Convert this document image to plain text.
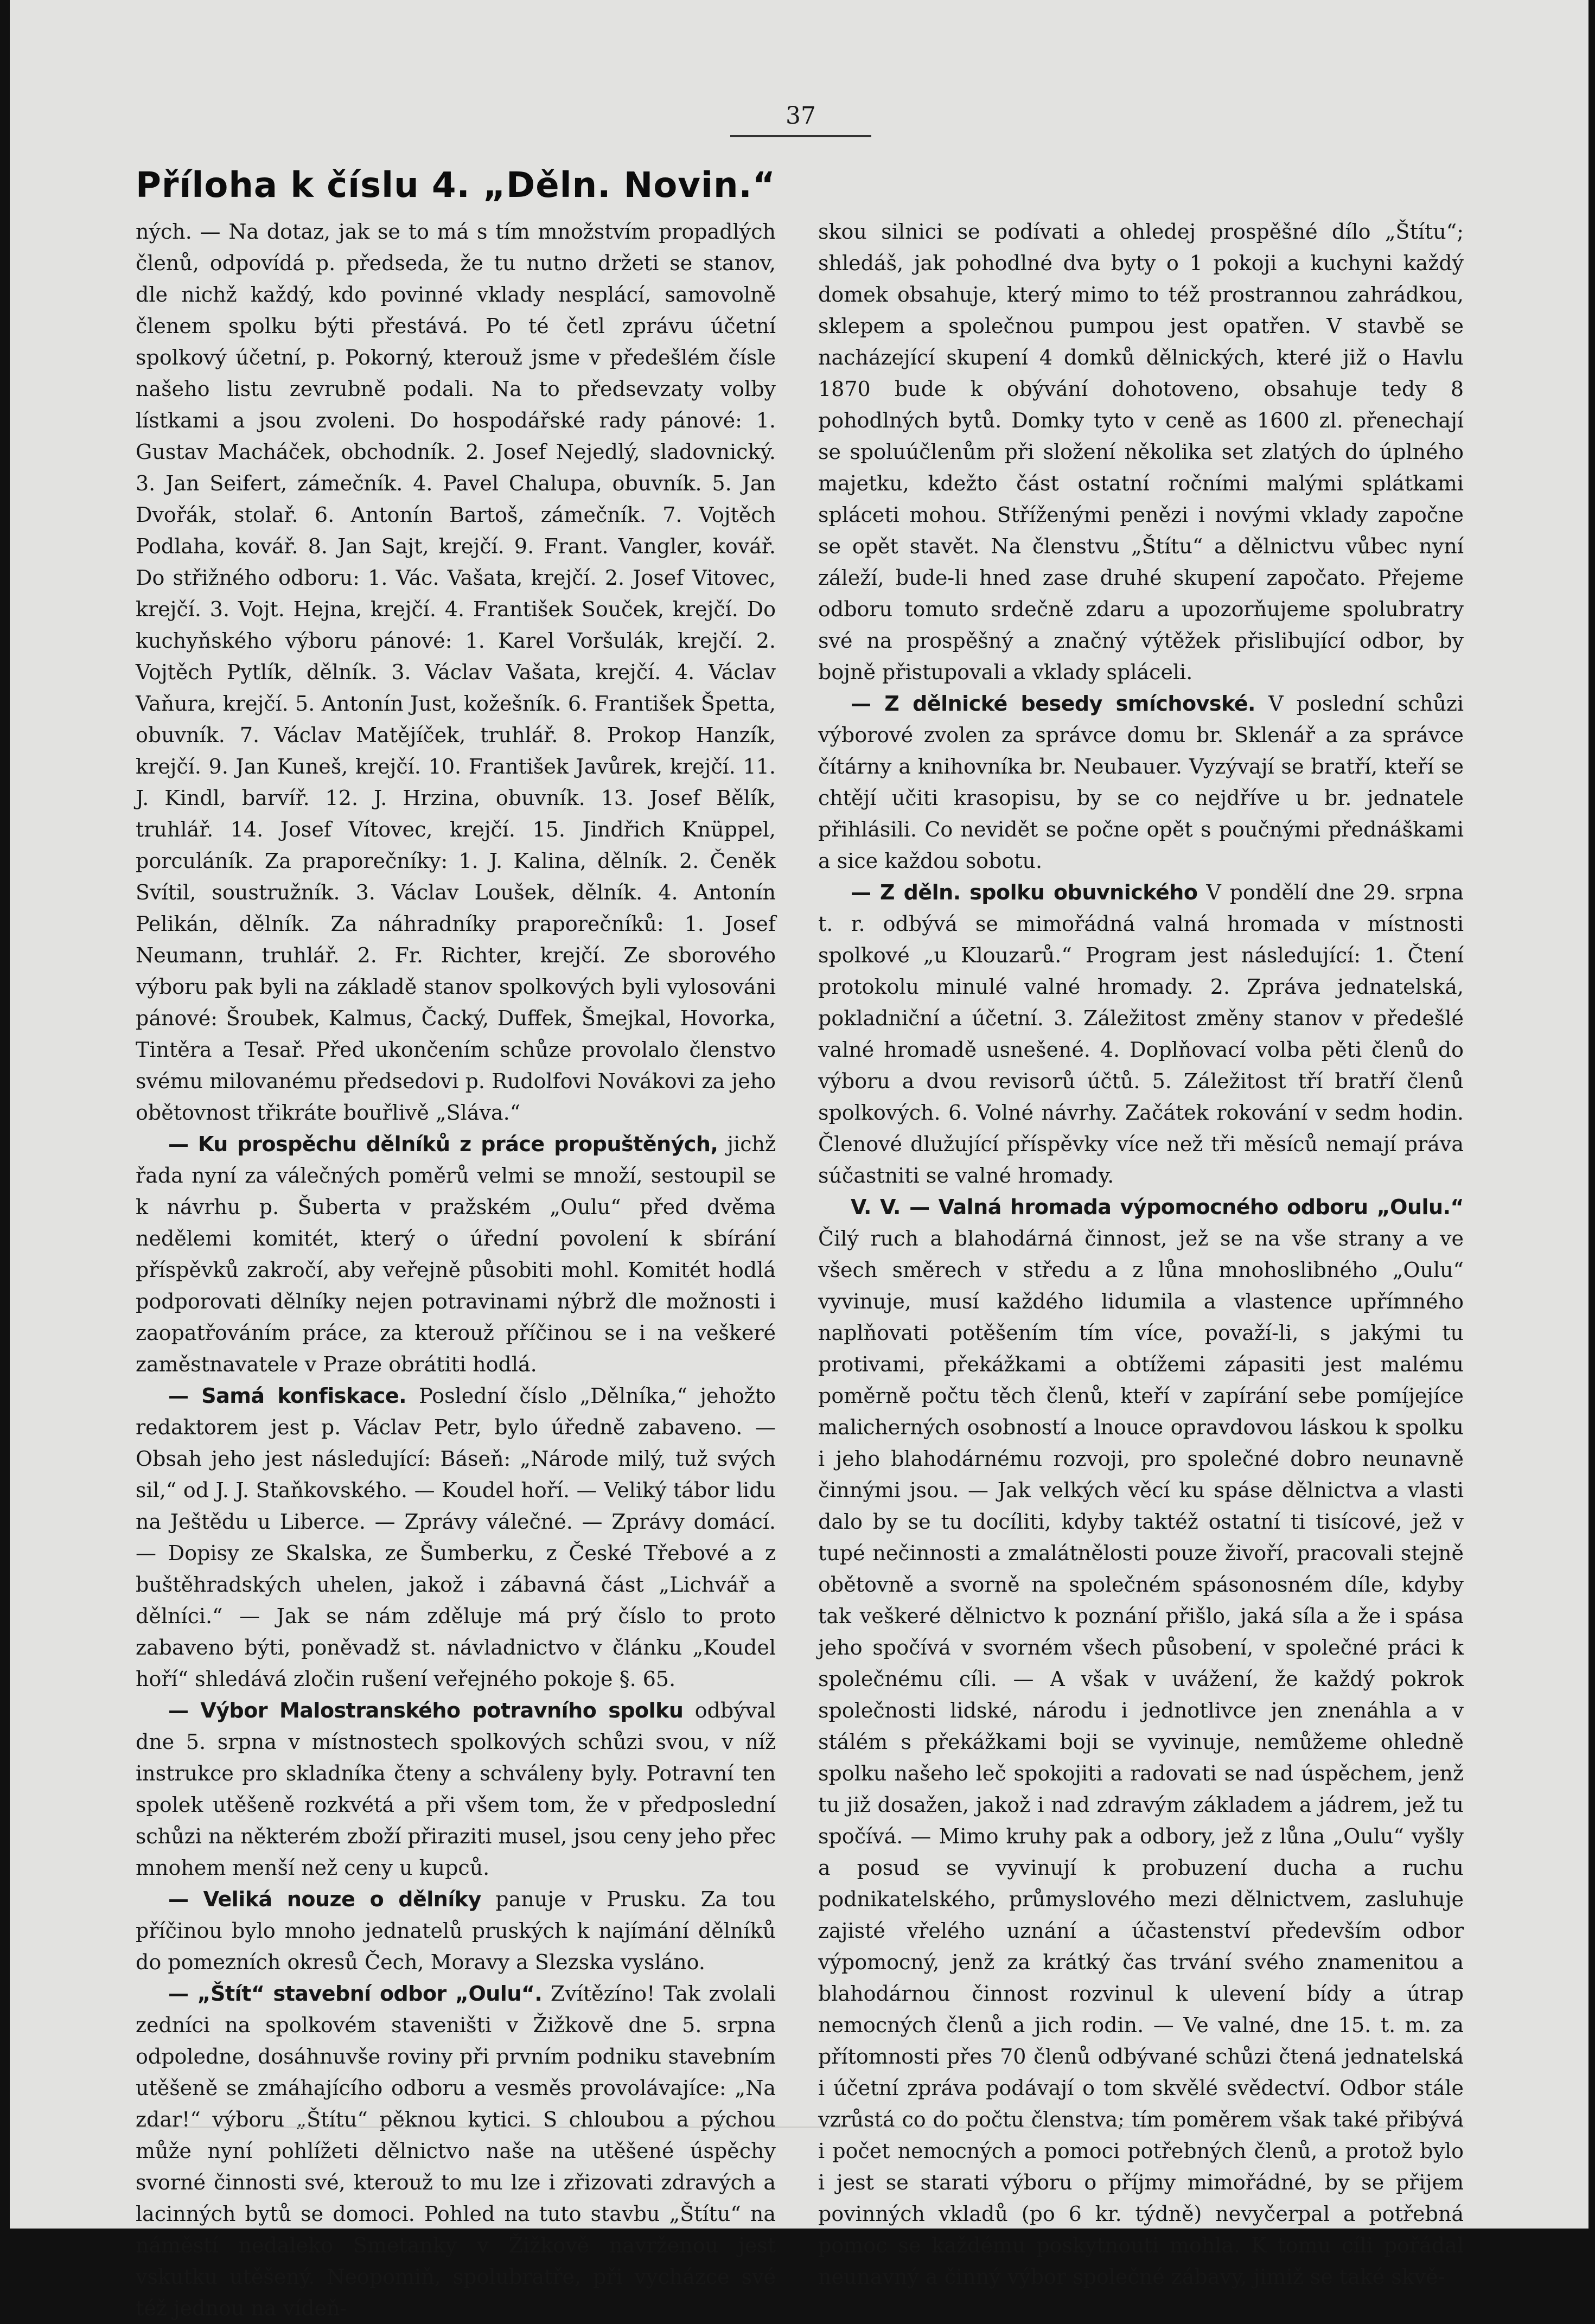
37
Příloha k číslu 4. „Děln. Novin.“

ných. — Na dotaz, jak se to má s tím množstvím propadlých členů, odpovídá p. předseda, že tu nutno držeti se stanov, dle nichž každý, kdo povinné vklady nesplácí, samovolně členem spolku býti přestává. Po té četl zprávu účetní spolkový účetní, p. Pokorný, kterouž jsme v předešlém čísle našeho listu zevrubně podali. Na to předsevzaty volby lístkami a jsou zvoleni. Do hospodářské rady pánové: 1. Gustav Macháček, obchodník. 2. Josef Nejedlý, sladovnický. 3. Jan Seifert, zámečník. 4. Pavel Chalupa, obuvník. 5. Jan Dvořák, stolař. 6. Antonín Bartoš, zámečník. 7. Vojtěch Podlaha, kovář. 8. Jan Sajt, krejčí. 9. Frant. Vangler, kovář. Do střižného odboru: 1. Vác. Vašata, krejčí. 2. Josef Vitovec, krejčí. 3. Vojt. Hejna, krejčí. 4. František Souček, krejčí. Do kuchyňského výboru pánové: 1. Karel Voršulák, krejčí. 2. Vojtěch Pytlík, dělník. 3. Václav Vašata, krejčí. 4. Václav Vaňura, krejčí. 5. Antonín Just, kožešník. 6. František Špetta, obuvník. 7. Václav Matějíček, truhlář. 8. Prokop Hanzík, krejčí. 9. Jan Kuneš, krejčí. 10. František Javůrek, krejčí. 11. J. Kindl, barvíř. 12. J. Hrzina, obuvník. 13. Josef Bělík, truhlář. 14. Josef Vítovec, krejčí. 15. Jindřich Knüppel, porculáník. Za praporečníky: 1. J. Kalina, dělník. 2. Čeněk Svítil, soustružník. 3. Václav Loušek, dělník. 4. Antonín Pelikán, dělník. Za náhradníky praporečníků: 1. Josef Neumann, truhlář. 2. Fr. Richter, krejčí. Ze sborového výboru pak byli na základě stanov spolkových byli vylosováni pánové: Šroubek, Kalmus, Čacký, Duffek, Šmejkal, Hovorka, Tintěra a Tesař. Před ukončením schůze provolalo členstvo svému milovanému předsedovi p. Rudolfovi Novákovi za jeho obětovnost třikráte bouřlivě „Sláva.“

— Ku prospěchu dělníků z práce propuštěných, jichž řada nyní za válečných poměrů velmi se množí, sestoupil se k návrhu p. Šuberta v pražském „Oulu“ před dvěma nedělemi komitét, který o úřední povolení k sbírání příspěvků zakročí, aby veřejně působiti mohl. Komitét hodlá podporovati dělníky nejen potravinami nýbrž dle možnosti i zaopatřováním práce, za kterouž příčinou se i na veškeré zaměstnavatele v Praze obrátiti hodlá.

— Samá konfiskace. Poslední číslo „Dělníka,“ jehožto redaktorem jest p. Václav Petr, bylo úředně zabaveno. — Obsah jeho jest následující: Báseň: „Národe milý, tuž svých sil,“ od J. J. Staňkovského. — Koudel hoří. — Veliký tábor lidu na Ještědu u Liberce. — Zprávy válečné. — Zprávy domácí. — Dopisy ze Skalska, ze Šumberku, z České Třebové a z buštěhradských uhelen, jakož i zábavná část „Lichvář a dělníci.“ — Jak se nám zděluje má prý číslo to proto zabaveno býti, poněvadž st. návladnictvo v článku „Koudel hoří“ shledává zločin rušení veřejného pokoje §. 65.

— Výbor Malostranského potravního spolku odbýval dne 5. srpna v místnostech spolkových schůzi svou, v níž instrukce pro skladníka čteny a schváleny byly. Potravní ten spolek utěšeně rozkvétá a při všem tom, že v předposlední schůzi na některém zboží přiraziti musel, jsou ceny jeho přec mnohem menší než ceny u kupců.

— Veliká nouze o dělníky panuje v Prusku. Za tou příčinou bylo mnoho jednatelů pruských k najímání dělníků do pomezních okresů Čech, Moravy a Slezska vysláno.

— „Štít“ stavební odbor „Oulu“. Zvítězíno! Tak zvolali zedníci na spolkovém staveništi v Žižkově dne 5. srpna odpoledne, dosáhnuvše roviny při prvním podniku stavebním utěšeně se zmáhajícího odboru a vesměs provolávajíce: „Na zdar!“ výboru „Štítu“ pěknou kytici. S chloubou a pýchou může nyní pohlížeti dělnictvo naše na utěšené úspěchy svorné činnosti své, kterouž to mu lze i zřizovati zdravých a lacinných bytů se domoci. Pohled na tuto stavbu „Štítu“ na náměstí nedaleko Smetanky v Žižkově navrženou jest vskutku utěšený. Neopomiň, spolubratře, při vycházce své též jednou na vídeň-

skou silnici se podívati a ohledej prospěšné dílo „Štítu“; shledáš, jak pohodlné dva byty o 1 pokoji a kuchyni každý domek obsahuje, který mimo to též prostrannou zahrádkou, sklepem a společnou pumpou jest opatřen. V stavbě se nacházející skupení 4 domků dělnických, které již o Havlu 1870 bude k obývání dohotoveno, obsahuje tedy 8 pohodlných bytů. Domky tyto v ceně as 1600 zl. přenechají se spoluúčlenům při složení několika set zlatých do úplného majetku, kdežto část ostatní ročními malými splátkami spláceti mohou. Stříženými penězi i novými vklady započne se opět stavět. Na členstvu „Štítu“ a dělnictvu vůbec nyní záleží, bude-li hned zase druhé skupení započato. Přejeme odboru tomuto srdečně zdaru a upozorňujeme spolubratry své na prospěšný a značný výtěžek přislibující odbor, by bojně přistupovali a vklady spláceli.

— Z dělnické besedy smíchovské. V poslední schůzi výborové zvolen za správce domu br. Sklenář a za správce čítárny a knihovníka br. Neubauer. Vyzývají se bratří, kteří se chtějí učiti krasopisu, by se co nejdříve u br. jednatele přihlásili. Co nevidět se počne opět s poučnými přednáškami a sice každou sobotu.

— Z děln. spolku obuvnického V pondělí dne 29. srpna t. r. odbývá se mimořádná valná hromada v místnosti spolkové „u Klouzarů.“ Program jest následující: 1. Čtení protokolu minulé valné hromady. 2. Zpráva jednatelská, pokladniční a účetní. 3. Záležitost změny stanov v předešlé valné hromadě usnešené. 4. Doplňovací volba pěti členů do výboru a dvou revisorů účtů. 5. Záležitost tří bratří členů spolkových. 6. Volné návrhy. Začátek rokování v sedm hodin. Členové dlužující příspěvky více než tři měsíců nemají práva súčastniti se valné hromady.

V. V. — Valná hromada výpomocného odboru „Oulu.“ Čilý ruch a blahodárná činnost, jež se na vše strany a ve všech směrech v středu a z lůna mnohoslibného „Oulu“ vyvinuje, musí každého lidumila a vlastence upřímného naplňovati potěšením tím více, považí-li, s jakými tu protivami, překážkami a obtížemi zápasiti jest malému poměrně počtu těch členů, kteří v zapírání sebe pomíjejíce malicherných osobností a lnouce opravdovou láskou k spolku i jeho blahodárnému rozvoji, pro společné dobro neunavně činnými jsou. — Jak velkých věcí ku spáse dělnictva a vlasti dalo by se tu docíliti, kdyby taktéž ostatní ti tisícové, jež v tupé nečinnosti a zmalátnělosti pouze živoří, pracovali stejně obětovně a svorně na společném spásonosném díle, kdyby tak veškeré dělnictvo k poznání přišlo, jaká síla a že i spása jeho spočívá v svorném všech působení, v společné práci k společnému cíli. — A však v uvážení, že každý pokrok společnosti lidské, národu i jednotlivce jen znenáhla a v stálém s překážkami boji se vyvinuje, nemůžeme ohledně spolku našeho leč spokojiti a radovati se nad úspěchem, jenž tu již dosažen, jakož i nad zdravým základem a jádrem, jež tu spočívá. — Mimo kruhy pak a odbory, jež z lůna „Oulu“ vyšly a posud se vyvinují k probuzení ducha a ruchu podnikatelského, průmyslového mezi dělnictvem, zasluhuje zajisté vřelého uznání a účastenství především odbor výpomocný, jenž za krátký čas trvání svého znamenitou a blahodárnou činnost rozvinul k ulevení bídy a útrap nemocných členů a jich rodin. — Ve valné, dne 15. t. m. za přítomnosti přes 70 členů odbývané schůzi čtená jednatelská i účetní zpráva podávají o tom skvělé svědectví. Odbor stále vzrůstá co do počtu členstva; tím poměrem však také přibývá i počet nemocných a pomoci potřebných členů, a protož bylo i jest se starati výboru o příjmy mimořádné, by se přijem povinných vkladů (po 6 kr. týdně) nevyčerpal a potřebná pomoc se každému poskytnouti mohla. K tomu cíli pořádal neunavný a činný výbor společné zábavy, jimiž se také skvě-
